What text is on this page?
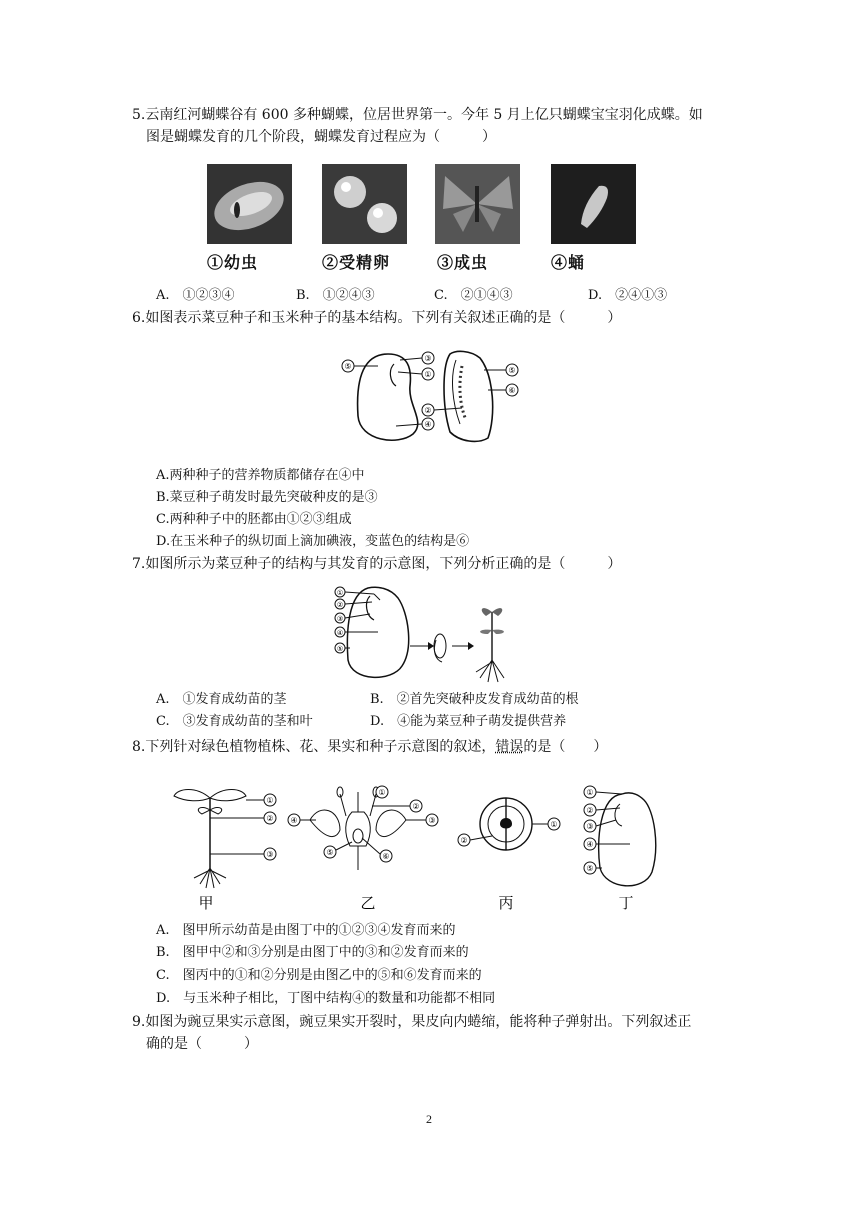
5.云南红河蝴蝶谷有 600 多种蝴蝶，位居世界第一。今年 5 月上亿只蝴蝶宝宝羽化成蝶。如
图是蝴蝶发育的几个阶段，蝴蝶发育过程应为（　　　）
①幼虫	②受精卵	③成虫	④蛹
A.　①②③④	B.　①②④③	C.　②①④③	D.　②④①③
6.如图表示菜豆种子和玉米种子的基本结构。下列有关叙述正确的是（　　　）
⑤
③
①
②
④
⑤
⑥
A.两种种子的营养物质都储存在④中
B.菜豆种子萌发时最先突破种皮的是③
C.两种种子中的胚都由①②③组成
D.在玉米种子的纵切面上滴加碘液，变蓝色的结构是⑥
7.如图所示为菜豆种子的结构与其发育的示意图，下列分析正确的是（　　　）
①
②
③
④
⑤
A.　①发育成幼苗的茎	B.　②首先突破种皮发育成幼苗的根
C.　③发育成幼苗的茎和叶	D.　④能为菜豆种子萌发提供营养
8.下列针对绿色植物植株、花、果实和种子示意图的叙述，错误的是（　　）
①
②
③
甲
①
②
③
④
⑤	⑥
乙
①
②
丙
①
②
③
④
⑤
丁
A.　图甲所示幼苗是由图丁中的①②③④发育而来的
B.　图甲中②和③分别是由图丁中的③和②发育而来的
C.　图丙中的①和②分别是由图乙中的⑤和⑥发育而来的
D.　与玉米种子相比，丁图中结构④的数量和功能都不相同
9.如图为豌豆果实示意图，豌豆果实开裂时，果皮向内蜷缩，能将种子弹射出。下列叙述正
确的是（　　　）
2
